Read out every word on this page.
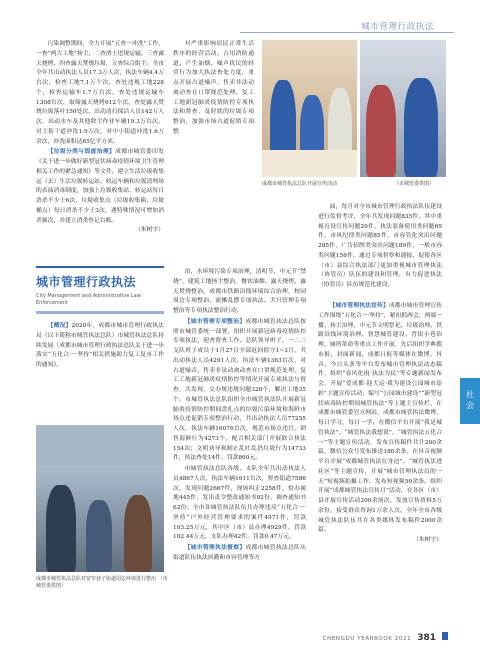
城市管理行政执法

污染调整期间，全力开展“五查一冲洗”工作，一查“两大工地”扬尘，二查渣土违规运输，三查露天烧烤，四查露天焚烧垃圾，五查综合街尘。全市全年共出动执法人员17.3万人次，执法车辆4.4万台次，检查工地7.1万个次，查处违规工地228个，检查运输车1.7万台次，查处违规运输车1308台次，取缔露天烧烤612个次，查处露天焚烧垃圾落叶150处次，出动清扫保洁人员142万人次，出动水车及其他除尘作业车辆19.3万台次，对主街干道冲洗1.9万次，对中小街道冲洗1.6万余次，冲洗面积达85亿平方米。

【垃圾分类与固废治理】成都市城管委印发《关于进一步做好新型冠状病毒疫情环境卫生管理相关工作的紧急通知》等文件，建立生活垃圾收集运（去）生活垃圾转运站、收运车辆和垃圾清理场的表演消毒制度，加强上垃圾收集站、转运站每日消杀不少于6次，垃圾收集点（垃圾收集箱、垃圾桶点）每日消杀不少于3次，遇特殊情况可增加消杀频次，并建立消杀登记台账。
（朱树宇）

城市管理行政执法
City Management and Administrative Law Enforcement

【概况】2020年，成都市城市管理行政执法局（以下简称市城管执法总队）市城管执法总队持续发展（成都市城市管理行政执法总队关于进一步落实“五化合一·坚持”相关措施助力复工复市工作的通知》，

成都市城管执法总队对宽窄巷子街道周边环境进行整治 （市城管委供图）

对严重影响居民正常生活秩序的经营活动，占用消防通道、产生油烟、噪声扰民的经营行为加大执法查处力度，重点开展占道噪声、售卖非法动禽动查在口罩规范处理、复工工地新冠肺炎疫情防控专项执法和督查，及时底的垃圾专项整治，加强市场占道促销专项整

成都市城管执法总队开展宣传活动	（市城管委供图）

治，水环境污染专项治理，清明节、中元节“禁烧”，建筑工地扬尘整治，餐饮油烟、露天烧烤、露天焚烧整治，成都市铁路沿线环境综合治理，校园周边专项整治，流摊乱摆专项执法、犬只管理专项整治等专项执法整治行动。

【城市管理专项整治】成都市城管执法总队按照市城管委统一部署，组织开展新冠病毒疫情防控专项执法，迎查督查工作，总队领导班子，一二三支队班子成员于1月27日全部返回值守1~3月，共出动执法人员4291人次，执法车辆1363台次，对占道噪音、售卖非法动禽动查在口罩规范处理，复工工地新冠肺炎疫情防控等情况开展专项执法与督查，共发现、交办规违规问题328个，解决工地35个。市城管执法总队组织全市城管执法队开展新冠肺炎疫情防控期间盘扎点的垃圾污染环境和海鲜市场点违促销专项整治行动，共出动执法人员77255人次，执法车辆16076台次，规范市场点违官，销售海鲜行为4273个，配合相关部门开展联合执法154次；文明劝导和制止乱吐乱扔垃圾行为14733件，执法查处14件，罚款860元。

市城管执法总队各级、支队全年共出动执法人员4867人次，执法车辆1911台次，督查街道7586次，发现问题2667件，现场纠正2258件，督办属地445件，发出责令整改通知书92份，调查通知书62份；全市各城管执法队伍共办理违反“五化合一·坚持”户外经营管理要求的案件4971件，罚款103.25万元，其中区（市）县办理4929件，罚款102.44万元，支队办理42件，罚款0.47万元。

【城市管理执法督察】成都市城管执法总队从街道队伍执法执勤和市容管理等方

面，每月对全市城市管理行政执法队伍建设进行监督考评，全年共发现问题835件，其中重视育设宣传问题29件，执法装备使用类问题69件，市风纪律类问题85件，市容管化突出问题285件，广告招牌类突出问题189件，一般市容类问题156件，通过专项督察和通报，促使各区（市）县综合执法部门更加重视城市管理执法（协管员）队伍的建设和管理，有力促进执法（协管员）队伍规范化建设。

【城市管理执法宣传】成都市城市管理宣传工作围绕“五化合一·坚持”，紧扣抓两会、两端一播、扬尘治理、中元节文明祭祀、垃圾治理、铁路沿线环境治理、智慧城管建设、背街小巷治理、厕所革命等重点工作开展，先后组织学典都市报，封面新闻、成都日报等媒体在微博、抖音、今日头条等平台发布城市管理执法动态稿件，组织“春风化雨·执法为民”等专题新闻发布会，开展“爱成都·迎大运·我为建设公园城市添彩”主题宣传活动，编写“公园城市建设”“新型冠状病毒防控期间城管执法”等主题主宣传栏，在成都市城管委官方网站，成都市城管执法微博，每日学习，每日一学，在微信平台开展“我是城管执法”、“城管执法我想说”、“城管执法五化合一”等主题宣传活动，发布宣传稿件共计200余篇，微信公众号发布推送180余条，在抖音视频平台开展“成都城管执法在身边”、“城管执法进社区”等主题宣传，开展“城市管理执法员的一天”短视频拍摄工作，发布短视频50余条。组织开展“成都城管执法宣传月”活动，在各区（市）县开展宣传活动200余场次，发放宣传资料5万余份，接受群众咨询1万余人次。全年全市各级城管执法队伍共在各类媒体发布稿件2000余篇。
（朱树宇）

社会
CHENGDU YEARBOOK 2021 381
